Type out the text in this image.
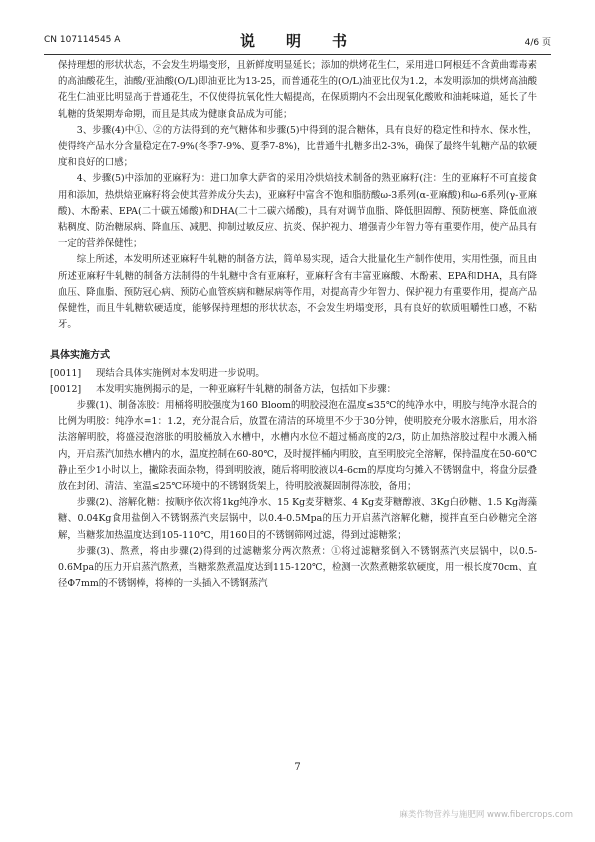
CN 107114545 A	说　明　书	4/6 页

保持理想的形状状态，不会发生坍塌变形，且新鲜度明显延长；添加的烘烤花生仁，采用进口阿根廷不含黄曲霉毒素的高油酸花生，油酸/亚油酸(O/L)即油亚比为13-25，而普通花生的(O/L)油亚比仅为1.2，本发明添加的烘烤高油酸花生仁油亚比明显高于普通花生，不仅使得抗氧化性大幅提高，在保质期内不会出现氧化酸败和油耗味道，延长了牛轧糖的货架期寿命期，而且是其成为健康食品成为可能；

3、步骤(4)中①、②的方法得到的充气糖体和步骤(5)中得到的混合糖体，具有良好的稳定性和持水、保水性，使得终产品水分含量稳定在7-9%(冬季7-9%、夏季7-8%)，比普通牛扎糖多出2-3%，确保了最终牛轧糖产品的软硬度和良好的口感；

4、步骤(5)中添加的亚麻籽为：进口加拿大萨省的采用冷烘焙技术制备的熟亚麻籽(注：生的亚麻籽不可直接食用和添加，热烘焙亚麻籽将会使其营养成分失去)，亚麻籽中富含不饱和脂肪酸ω-3系列(α-亚麻酸)和ω-6系列(γ-亚麻酸)、木酚素、EPA(二十碳五烯酸)和DHA(二十二碳六烯酸)，具有对调节血脂、降低胆固醇、预防梗塞、降低血液粘稠度、防治糖尿病、降血压、减肥、抑制过敏反应、抗炎、保护视力、增强青少年智力等有重要作用，使产品具有一定的营养保健性；

综上所述，本发明所述亚麻籽牛轧糖的制备方法，简单易实现，适合大批量化生产制作使用，实用性强，而且由所述亚麻籽牛轧糖的制备方法制得的牛轧糖中含有亚麻籽，亚麻籽含有丰富亚麻酸、木酚素、EPA和DHA，具有降血压、降血脂、预防冠心病、预防心血管疾病和糖尿病等作用，对提高青少年智力、保护视力有重要作用，提高产品保健性，而且牛轧糖软硬适度，能够保持理想的形状状态，不会发生坍塌变形，具有良好的软质咀嚼性口感，不粘牙。

具体实施方式

[0011] 现结合具体实施例对本发明进一步说明。

[0012] 本发明实施例揭示的是，一种亚麻籽牛轧糖的制备方法，包括如下步骤：

步骤(1)、制备冻胶：用桶将明胶强度为160 Bloom的明胶浸泡在温度≤35℃的纯净水中，明胶与纯净水混合的比例为明胶：纯净水=1：1.2，充分混合后，放置在清洁的环境里不少于30分钟，使明胶充分吸水溶胀后，用水浴法溶解明胶，将盛浸泡溶胀的明胶桶放入水槽中，水槽内水位不超过桶高度的2/3，防止加热溶胶过程中水溅入桶内，开启蒸汽加热水槽内的水，温度控制在60-80℃，及时搅拌桶内明胶，直至明胶完全溶解，保持温度在50-60℃静止至少1小时以上，撇除表面杂物，得到明胶液，随后将明胶液以4-6cm的厚度均匀摊入不锈钢盘中，将盘分层叠放在封闭、清洁、室温≤25℃环境中的不锈钢货架上，待明胶液凝固制得冻胶，备用；

步骤(2)、溶解化糖：按顺序依次将1kg纯净水、15 Kg麦芽糖浆、4 Kg麦芽糖醇液、3Kg白砂糖、1.5 Kg海藻糖、0.04Kg食用盐倒入不锈钢蒸汽夹层锅中，以0.4-0.5Mpa的压力开启蒸汽溶解化糖，搅拌直至白砂糖完全溶解，当糖浆加热温度达到105-110℃，用160目的不锈钢筛网过滤，得到过滤糖浆；

步骤(3)、熬煮，将由步骤(2)得到的过滤糖浆分两次熬煮：①将过滤糖浆倒入不锈钢蒸汽夹层锅中，以0.5-0.6Mpa的压力开启蒸汽熬煮，当糖浆熬煮温度达到115-120℃，检测一次熬煮糖浆软硬度，用一根长度70cm、直径Φ7mm的不锈钢棒，将棒的一头插入不锈钢蒸汽

7
麻类作物营养与施肥网 www.fibercrops.com
